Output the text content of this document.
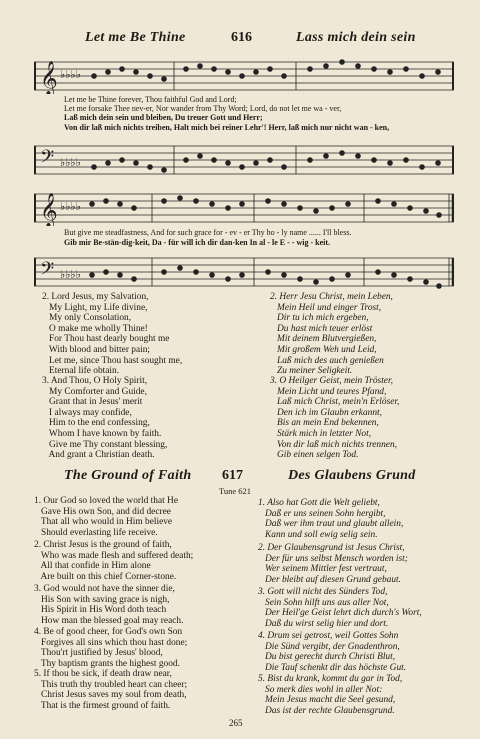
Let me Be Thine	616	Lass mich dein sein
𝄞 ♭♭♭♭
Let me be Thine forever, Thou faithful God and Lord;
Let me forsake Thee nev-er, Nor wander from Thy Word; Lord, do not let me wa - ver,
Laß mich dein sein und bleiben, Du treuer Gott und Herr;
Von dir laß mich nichts treiben, Halt mich bei reiner Lehr'! Herr, laß mich nur nicht wan - ken,
𝄢 ♭♭♭♭
𝄞 ♭♭♭♭
But give me steadfastness, And for such grace for - ev - er Thy ho - ly name ...... I'll bless.
Gib mir Be-stän-dig-keit, Da - für will ich dir dan-ken In al - le E - - wig - keit.
𝄢 ♭♭♭♭
2. Lord Jesus, my Salvation,
My Light, my Life divine,
My only Consolation,
O make me wholly Thine!
For Thou hast dearly bought me
With blood and bitter pain;
Let me, since Thou hast sought me,
Eternal life obtain.
3. And Thou, O Holy Spirit,
My Comforter and Guide,
Grant that in Jesus' merit
I always may confide,
Him to the end confessing,
Whom I have known by faith.
Give me Thy constant blessing,
And grant a Christian death.
2. Herr Jesu Christ, mein Leben,
Mein Heil und einger Trost,
Dir tu ich mich ergeben,
Du hast mich teuer erlöst
Mit deinem Blutvergießen,
Mit großem Weh und Leid,
Laß mich des auch genießen
Zu meiner Seligkeit.
3. O Heilger Geist, mein Tröster,
Mein Licht und teures Pfand,
Laß mich Christ, mein'n Erlöser,
Den ich im Glaubn erkannt,
Bis an mein End bekennen,
Stärk mich in letzter Not,
Von dir laß mich nichts trennen,
Gib einen selgen Tod.
The Ground of Faith 617	Des Glaubens Grund
Tune 621
1. Our God so loved the world that He
Gave His own Son, and did decree
That all who would in Him believe
Should everlasting life receive.
2. Christ Jesus is the ground of faith,
Who was made flesh and suffered death;
All that confide in Him alone
Are built on this chief Corner-stone.
3. God would not have the sinner die,
His Son with saving grace is nigh,
His Spirit in His Word doth teach
How man the blessed goal may reach.
4. Be of good cheer, for God's own Son
Forgives all sins which thou hast done;
Thou'rt justified by Jesus' blood,
Thy baptism grants the highest good.
5. If thou be sick, if death draw near,
This truth thy troubled heart can cheer;
Christ Jesus saves my soul from death,
That is the firmest ground of faith.
1. Also hat Gott die Welt geliebt,
Daß er uns seinen Sohn hergibt,
Daß wer ihm traut und glaubt allein,
Kann und soll ewig selig sein.
2. Der Glaubensgrund ist Jesus Christ,
Der für uns selbst Mensch worden ist;
Wer seinem Mittler fest vertraut,
Der bleibt auf diesen Grund gebaut.
3. Gott will nicht des Sünders Tod,
Sein Sohn hilft uns aus aller Not,
Der Heil'ge Geist lehrt dich durch's Wort,
Daß du wirst selig hier und dort.
4. Drum sei getrost, weil Gottes Sohn
Die Sünd vergibt, der Gnadenthron,
Du bist gerecht durch Christi Blut,
Die Tauf schenkt dir das höchste Gut.
5. Bist du krank, kommt du gar in Tod,
So merk dies wohl in aller Not:
Mein Jesus macht die Seel gesund,
Das ist der rechte Glaubensgrund.
265
